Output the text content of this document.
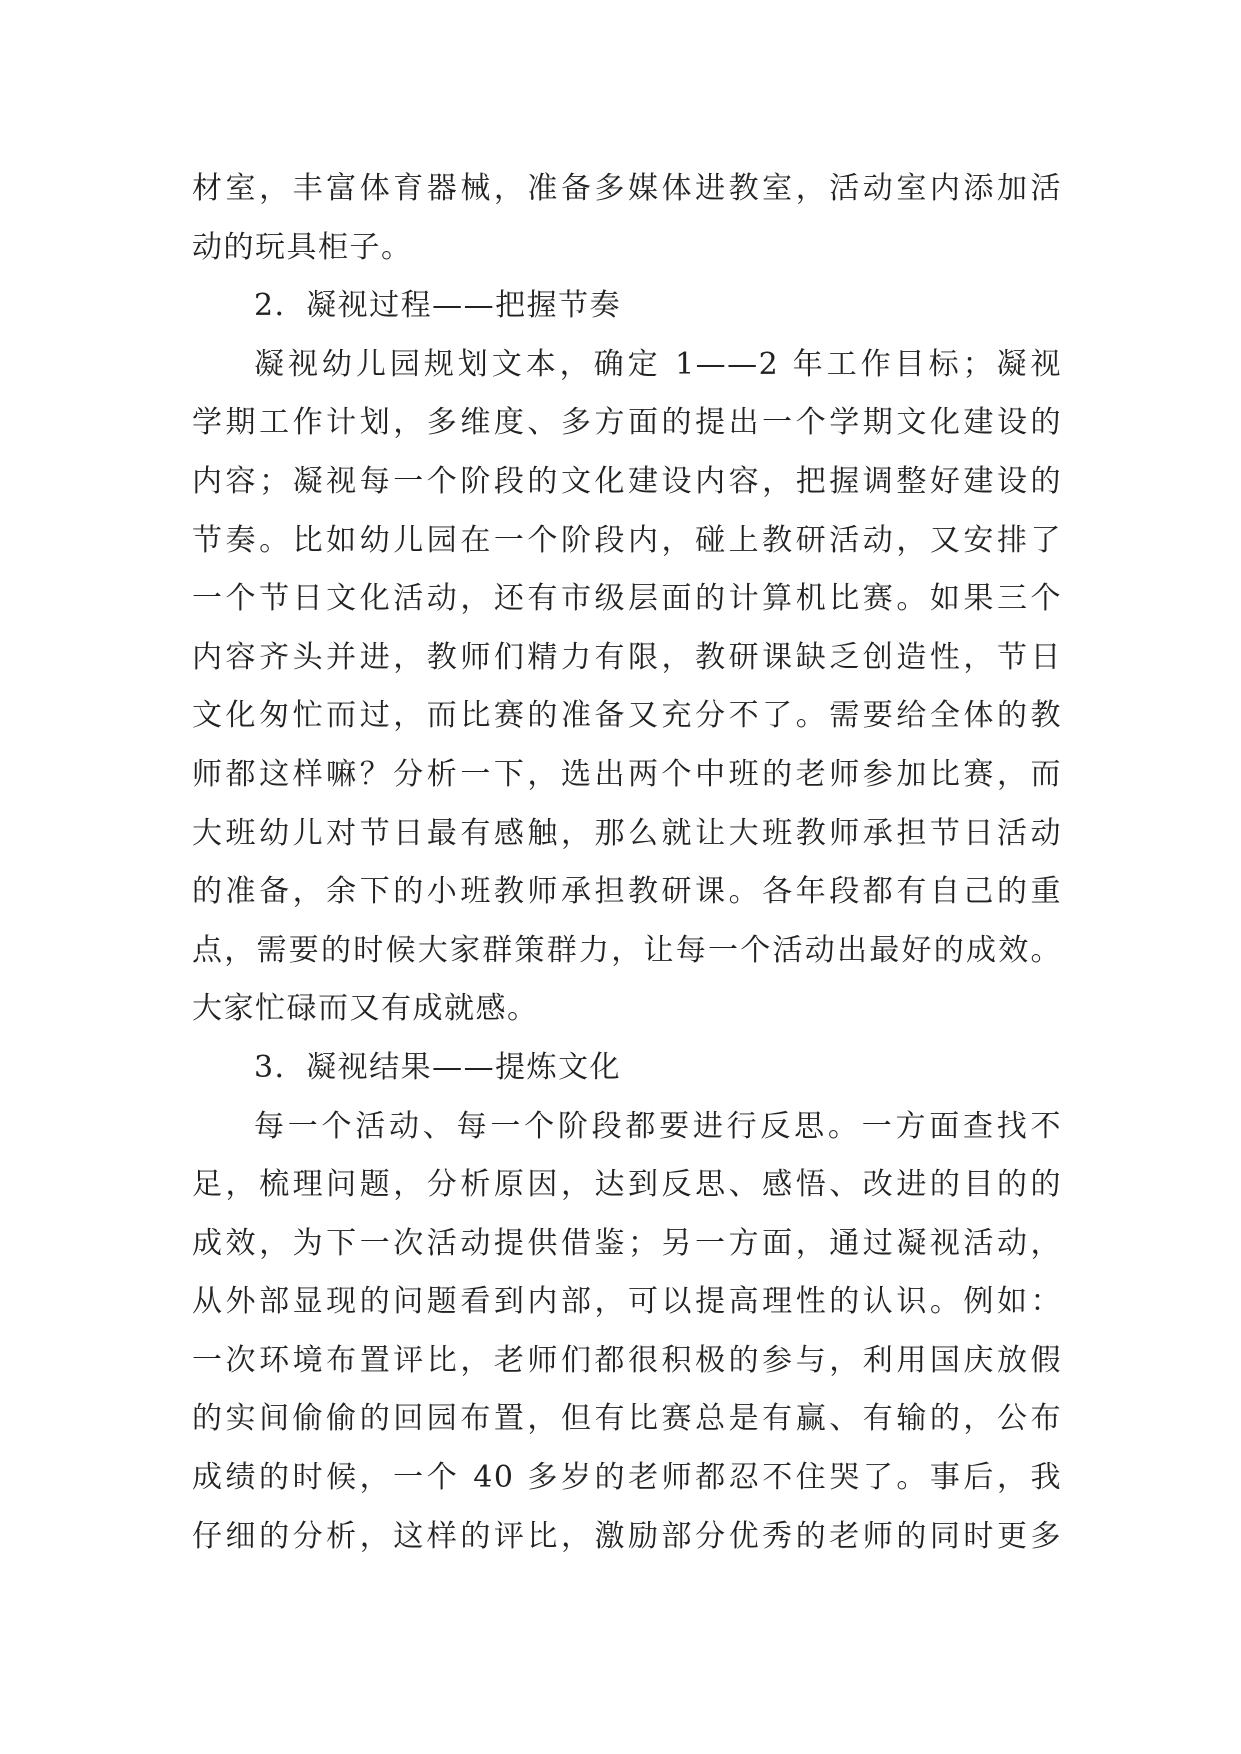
材室，丰富体育器械，准备多媒体进教室，活动室内添加活
动的玩具柜子。
2．凝视过程——把握节奏
凝视幼儿园规划文本，确定 1——2 年工作目标；凝视
学期工作计划，多维度、多方面的提出一个学期文化建设的
内容；凝视每一个阶段的文化建设内容，把握调整好建设的
节奏。比如幼儿园在一个阶段内，碰上教研活动，又安排了
一个节日文化活动，还有市级层面的计算机比赛。如果三个
内容齐头并进，教师们精力有限，教研课缺乏创造性，节日
文化匆忙而过，而比赛的准备又充分不了。需要给全体的教
师都这样嘛？分析一下，选出两个中班的老师参加比赛，而
大班幼儿对节日最有感触，那么就让大班教师承担节日活动
的准备，余下的小班教师承担教研课。各年段都有自己的重
点，需要的时候大家群策群力，让每一个活动出最好的成效。
大家忙碌而又有成就感。
3．凝视结果——提炼文化
每一个活动、每一个阶段都要进行反思。一方面查找不
足，梳理问题，分析原因，达到反思、感悟、改进的目的的
成效，为下一次活动提供借鉴；另一方面，通过凝视活动，
从外部显现的问题看到内部，可以提高理性的认识。例如：
一次环境布置评比，老师们都很积极的参与，利用国庆放假
的实间偷偷的回园布置，但有比赛总是有赢、有输的，公布
成绩的时候，一个 40 多岁的老师都忍不住哭了。事后，我
仔细的分析，这样的评比，激励部分优秀的老师的同时更多
